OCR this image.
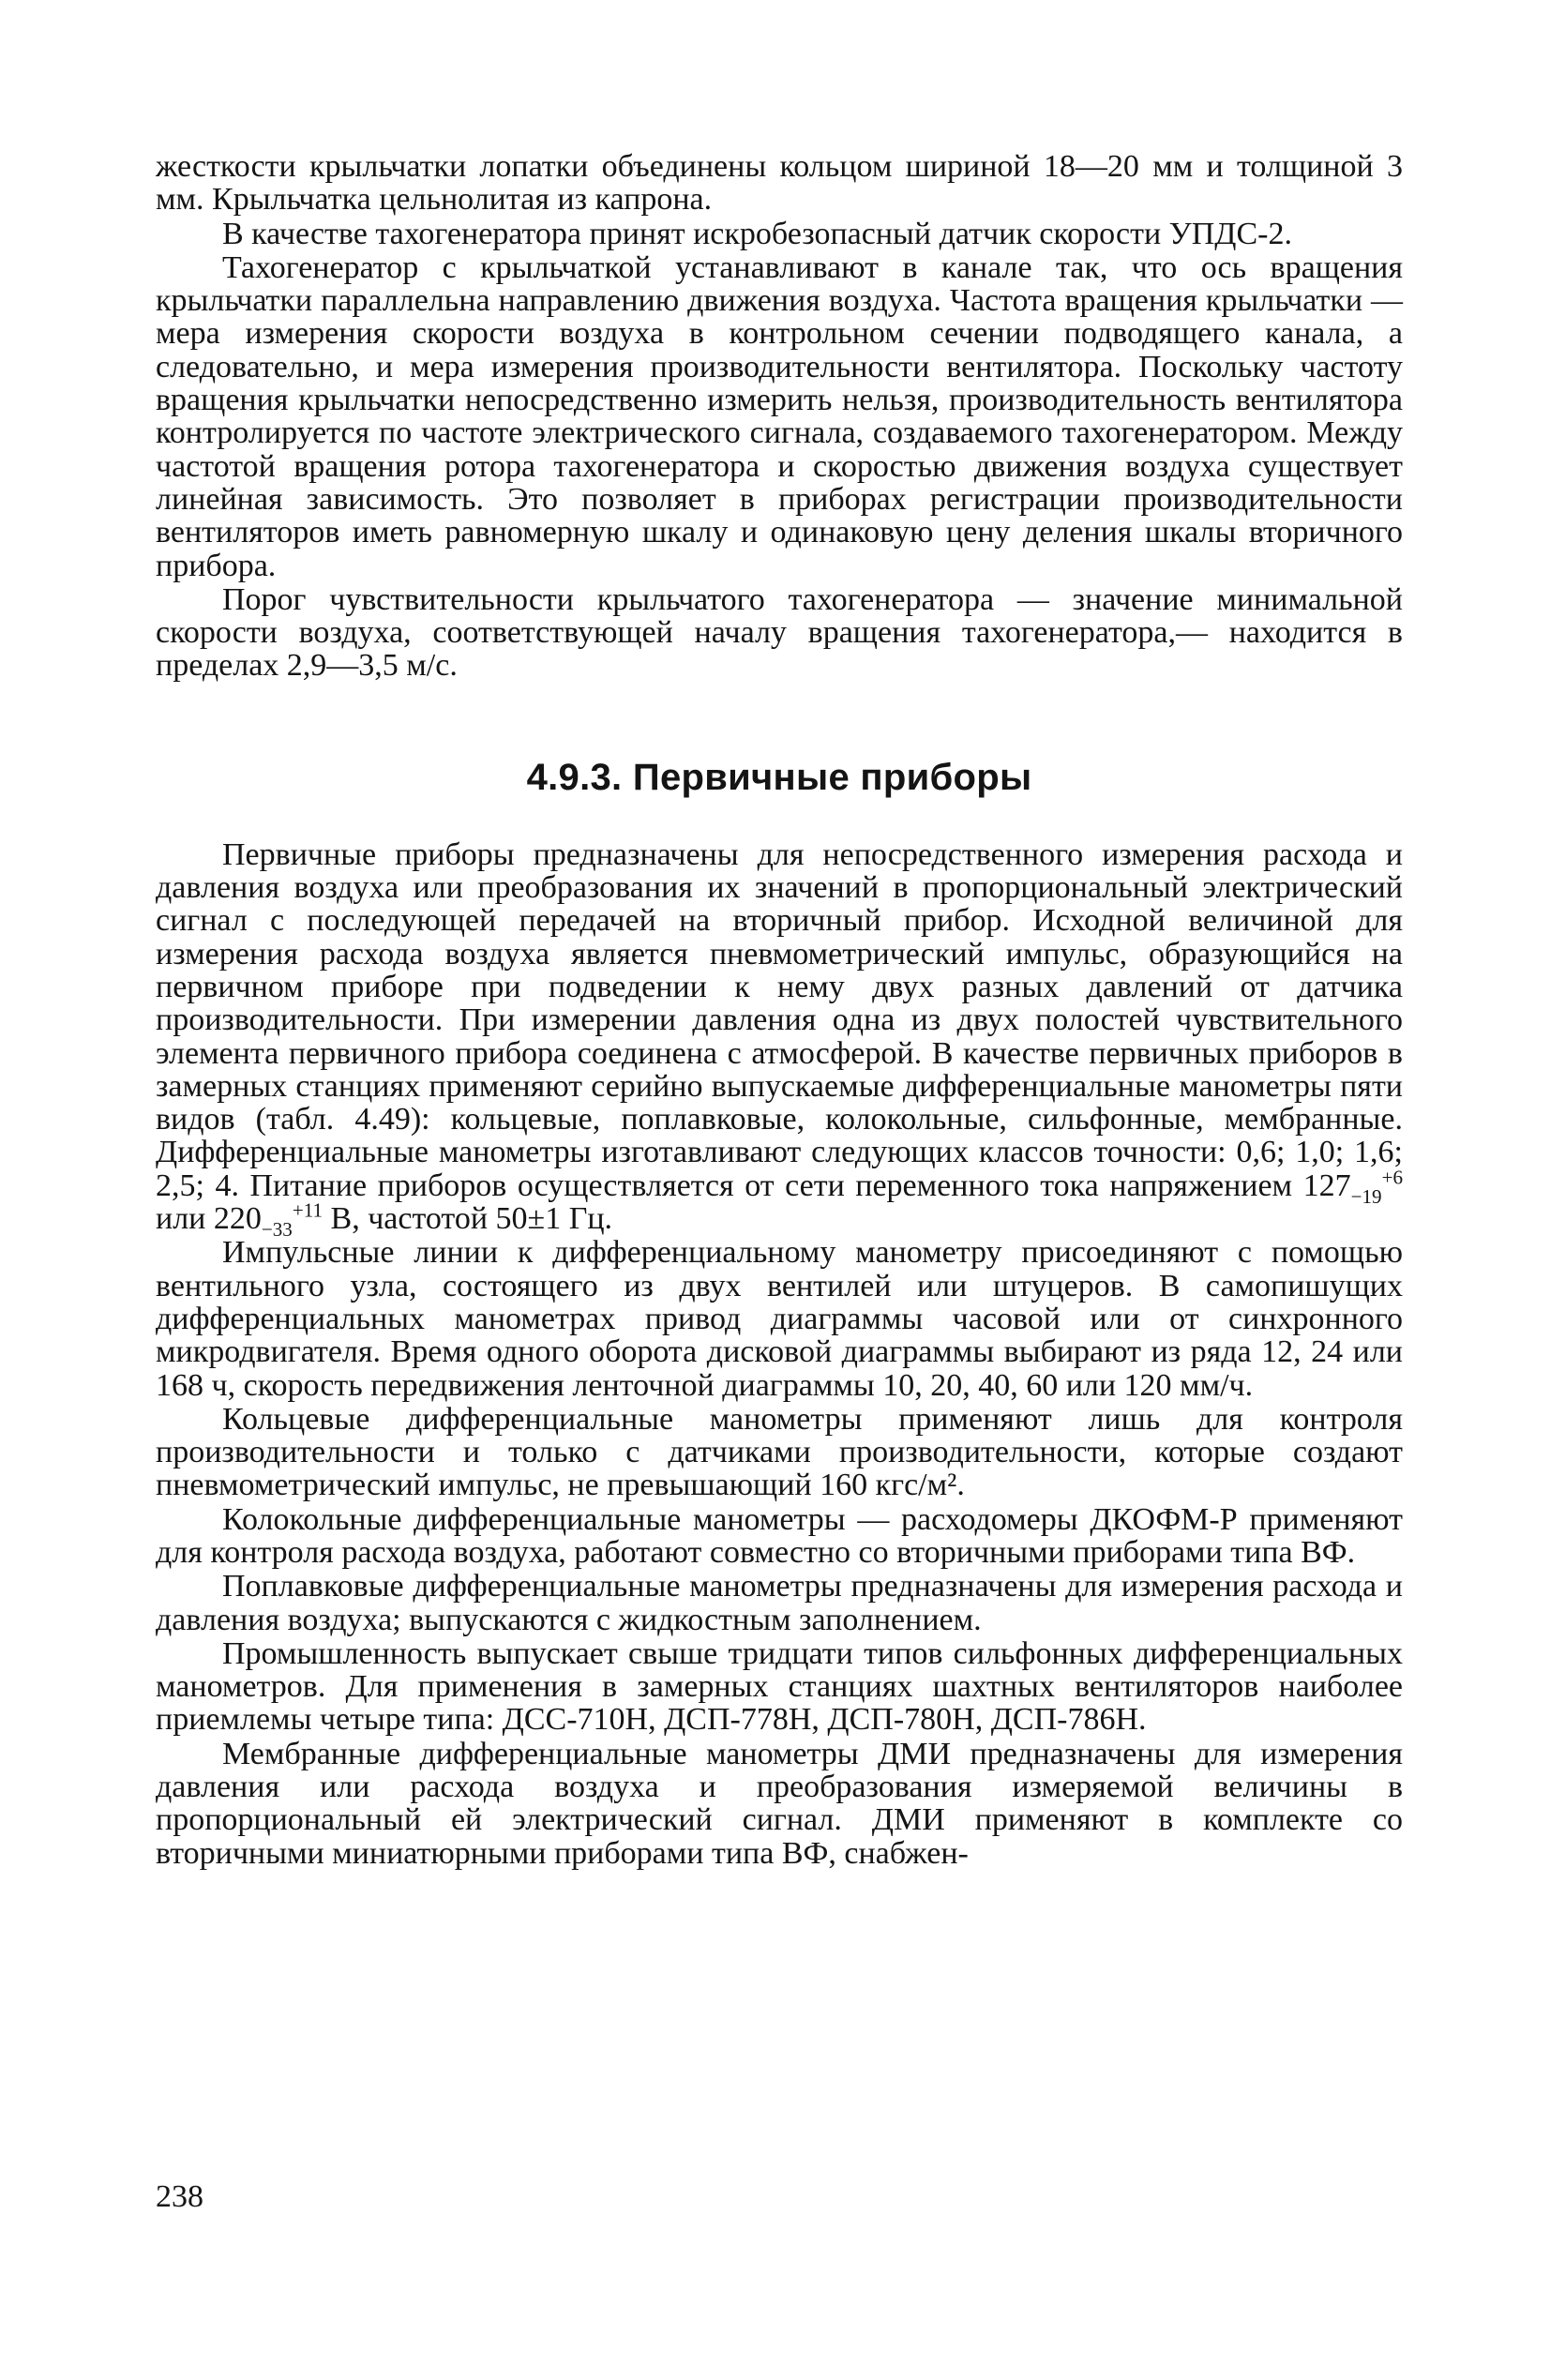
жесткости крыльчатки лопатки объединены кольцом шириной 18—20 мм и толщиной 3 мм. Крыльчатка цельнолитая из капрона.

В качестве тахогенератора принят искробезопасный датчик скорости УПДС-2.

Тахогенератор с крыльчаткой устанавливают в канале так, что ось вращения крыльчатки параллельна направлению движения воздуха. Частота вращения крыльчатки — мера измерения скорости воздуха в контрольном сечении подводящего канала, а следовательно, и мера измерения производительности вентилятора. Поскольку частоту вращения крыльчатки непосредственно измерить нельзя, производительность вентилятора контролируется по частоте электрического сигнала, создаваемого тахогенератором. Между частотой вращения ротора тахогенератора и скоростью движения воздуха существует линейная зависимость. Это позволяет в приборах регистрации производительности вентиляторов иметь равномерную шкалу и одинаковую цену деления шкалы вторичного прибора.

Порог чувствительности крыльчатого тахогенератора — значение минимальной скорости воздуха, соответствующей началу вращения тахогенератора,— находится в пределах 2,9—3,5 м/с.

4.9.3. Первичные приборы

Первичные приборы предназначены для непосредственного измерения расхода и давления воздуха или преобразования их значений в пропорциональный электрический сигнал с последующей передачей на вторичный прибор. Исходной величиной для измерения расхода воздуха является пневмометрический импульс, образующийся на первичном приборе при подведении к нему двух разных давлений от датчика производительности. При измерении давления одна из двух полостей чувствительного элемента первичного прибора соединена с атмосферой. В качестве первичных приборов в замерных станциях применяют серийно выпускаемые дифференциальные манометры пяти видов (табл. 4.49): кольцевые, поплавковые, колокольные, сильфонные, мембранные. Дифференциальные манометры изготавливают следующих классов точности: 0,6; 1,0; 1,6; 2,5; 4. Питание приборов осуществляется от сети переменного тока напряжением $127_{-19}^{+6}$ или $220_{-33}^{+11}$ В, частотой 50±1 Гц.

Импульсные линии к дифференциальному манометру присоединяют с помощью вентильного узла, состоящего из двух вентилей или штуцеров. В самопишущих дифференциальных манометрах привод диаграммы часовой или от синхронного микродвигателя. Время одного оборота дисковой диаграммы выбирают из ряда 12, 24 или 168 ч, скорость передвижения ленточной диаграммы 10, 20, 40, 60 или 120 мм/ч.

Кольцевые дифференциальные манометры применяют лишь для контроля производительности и только с датчиками производительности, которые создают пневмометрический импульс, не превышающий 160 кгс/м².

Колокольные дифференциальные манометры — расходомеры ДКОФМ-Р применяют для контроля расхода воздуха, работают совместно со вторичными приборами типа ВФ.

Поплавковые дифференциальные манометры предназначены для измерения расхода и давления воздуха; выпускаются с жидкостным заполнением.

Промышленность выпускает свыше тридцати типов сильфонных дифференциальных манометров. Для применения в замерных станциях шахтных вентиляторов наиболее приемлемы четыре типа: ДСС-710Н, ДСП-778Н, ДСП-780Н, ДСП-786Н.

Мембранные дифференциальные манометры ДМИ предназначены для измерения давления или расхода воздуха и преобразования измеряемой величины в пропорциональный ей электрический сигнал. ДМИ применяют в комплекте со вторичными миниатюрными приборами типа ВФ, снабжен-

238
